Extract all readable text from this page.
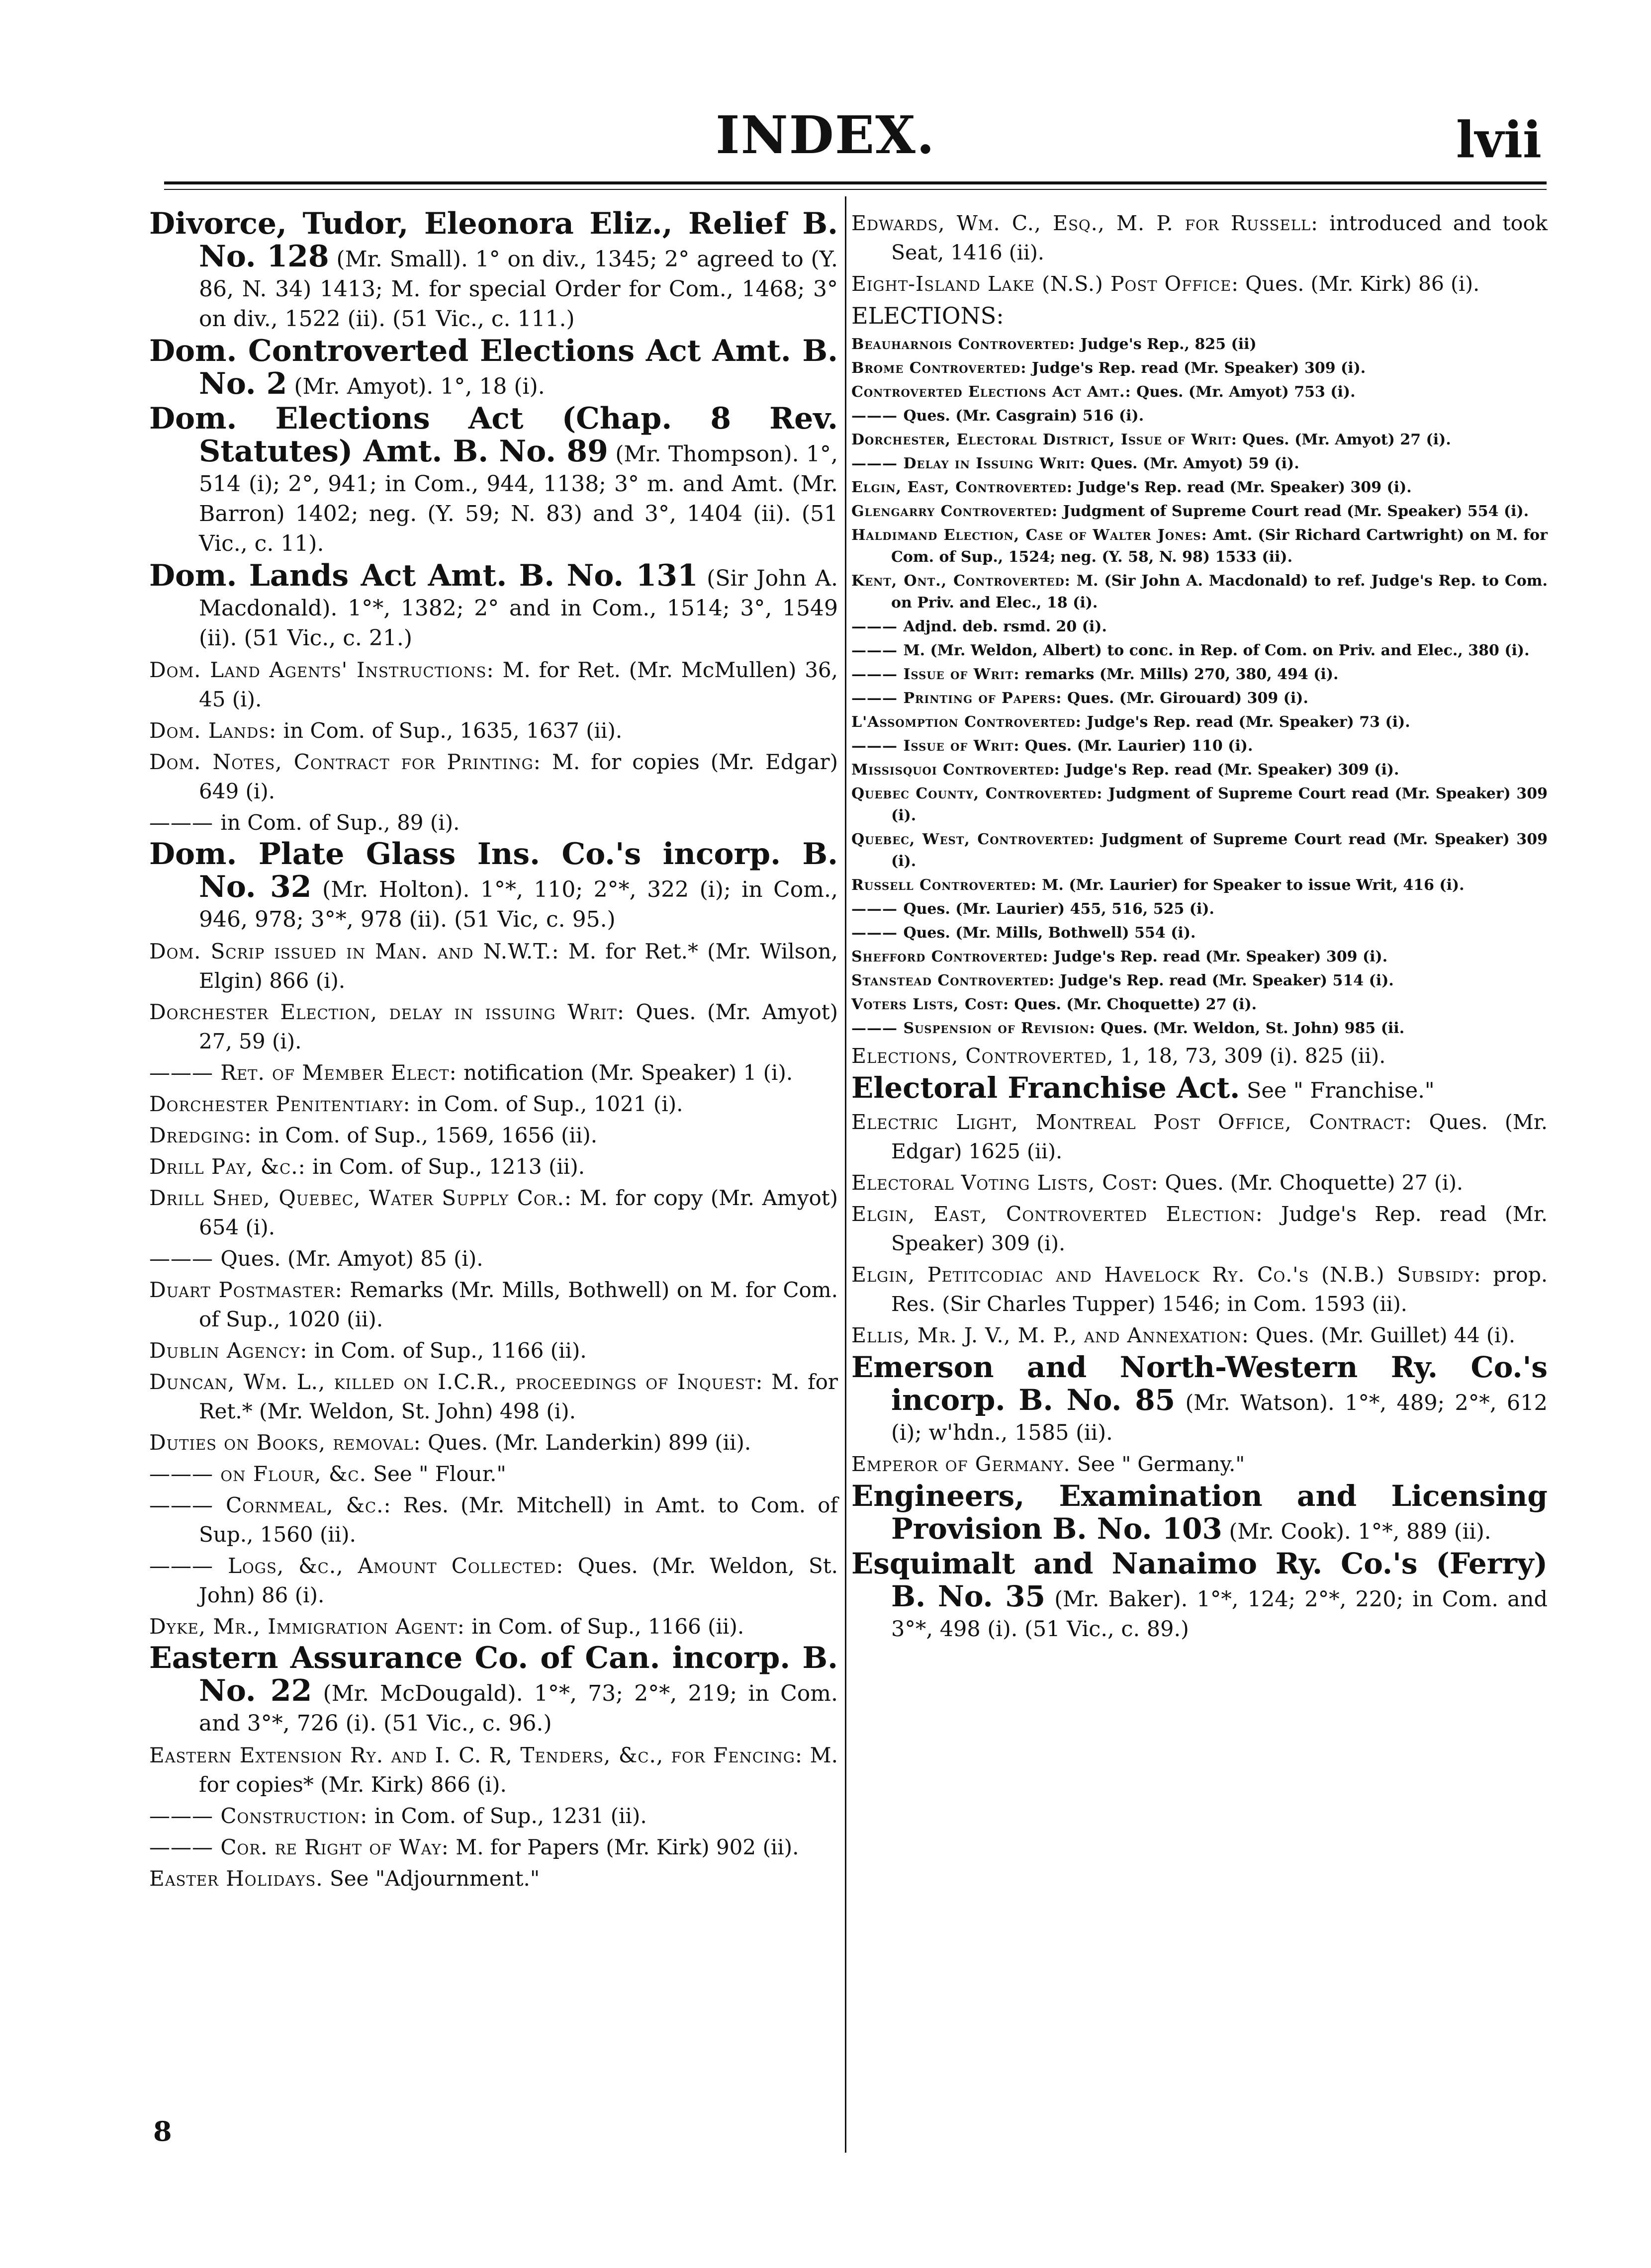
INDEX.	lvii

Divorce, Tudor, Eleonora Eliz., Relief B. No. 128 (Mr. Small). 1° on div., 1345; 2° agreed to (Y. 86, N. 34) 1413; M. for special Order for Com., 1468; 3° on div., 1522 (ii). (51 Vic., c. 111.)

Dom. Controverted Elections Act Amt. B. No. 2 (Mr. Amyot). 1°, 18 (i).

Dom. Elections Act (Chap. 8 Rev. Statutes) Amt. B. No. 89 (Mr. Thompson). 1°, 514 (i); 2°, 941; in Com., 944, 1138; 3° m. and Amt. (Mr. Barron) 1402; neg. (Y. 59; N. 83) and 3°, 1404 (ii). (51 Vic., c. 11).

Dom. Lands Act Amt. B. No. 131 (Sir John A. Macdonald). 1°*, 1382; 2° and in Com., 1514; 3°, 1549 (ii). (51 Vic., c. 21.)

Dom. Land Agents' Instructions: M. for Ret. (Mr. McMullen) 36, 45 (i).

Dom. Lands: in Com. of Sup., 1635, 1637 (ii).

Dom. Notes, Contract for Printing: M. for copies (Mr. Edgar) 649 (i).

——— in Com. of Sup., 89 (i).

Dom. Plate Glass Ins. Co.'s incorp. B. No. 32 (Mr. Holton). 1°*, 110; 2°*, 322 (i); in Com., 946, 978; 3°*, 978 (ii). (51 Vic, c. 95.)

Dom. Scrip issued in Man. and N.W.T.: M. for Ret.* (Mr. Wilson, Elgin) 866 (i).

Dorchester Election, delay in issuing Writ: Ques. (Mr. Amyot) 27, 59 (i).

——— Ret. of Member Elect: notification (Mr. Speaker) 1 (i).

Dorchester Penitentiary: in Com. of Sup., 1021 (i).

Dredging: in Com. of Sup., 1569, 1656 (ii).

Drill Pay, &c.: in Com. of Sup., 1213 (ii).

Drill Shed, Quebec, Water Supply Cor.: M. for copy (Mr. Amyot) 654 (i).

——— Ques. (Mr. Amyot) 85 (i).

Duart Postmaster: Remarks (Mr. Mills, Bothwell) on M. for Com. of Sup., 1020 (ii).

Dublin Agency: in Com. of Sup., 1166 (ii).

Duncan, Wm. L., killed on I.C.R., proceedings of Inquest: M. for Ret.* (Mr. Weldon, St. John) 498 (i).

Duties on Books, removal: Ques. (Mr. Landerkin) 899 (ii).

——— on Flour, &c. See " Flour."

——— Cornmeal, &c.: Res. (Mr. Mitchell) in Amt. to Com. of Sup., 1560 (ii).

——— Logs, &c., Amount Collected: Ques. (Mr. Weldon, St. John) 86 (i).

Dyke, Mr., Immigration Agent: in Com. of Sup., 1166 (ii).

Eastern Assurance Co. of Can. incorp. B. No. 22 (Mr. McDougald). 1°*, 73; 2°*, 219; in Com. and 3°*, 726 (i). (51 Vic., c. 96.)

Eastern Extension Ry. and I. C. R, Tenders, &c., for Fencing: M. for copies* (Mr. Kirk) 866 (i).

——— Construction: in Com. of Sup., 1231 (ii).

——— Cor. re Right of Way: M. for Papers (Mr. Kirk) 902 (ii).

Easter Holidays. See "Adjournment."

Edwards, Wm. C., Esq., M. P. for Russell: introduced and took Seat, 1416 (ii).

Eight-Island Lake (N.S.) Post Office: Ques. (Mr. Kirk) 86 (i).

ELECTIONS:

Beauharnois Controverted: Judge's Rep., 825 (ii)

Brome Controverted: Judge's Rep. read (Mr. Speaker) 309 (i).

Controverted Elections Act Amt.: Ques. (Mr. Amyot) 753 (i).

——— Ques. (Mr. Casgrain) 516 (i).

Dorchester, Electoral District, Issue of Writ: Ques. (Mr. Amyot) 27 (i).

——— Delay in Issuing Writ: Ques. (Mr. Amyot) 59 (i).

Elgin, East, Controverted: Judge's Rep. read (Mr. Speaker) 309 (i).

Glengarry Controverted: Judgment of Supreme Court read (Mr. Speaker) 554 (i).

Haldimand Election, Case of Walter Jones: Amt. (Sir Richard Cartwright) on M. for Com. of Sup., 1524; neg. (Y. 58, N. 98) 1533 (ii).

Kent, Ont., Controverted: M. (Sir John A. Macdonald) to ref. Judge's Rep. to Com. on Priv. and Elec., 18 (i).

——— Adjnd. deb. rsmd. 20 (i).

——— M. (Mr. Weldon, Albert) to conc. in Rep. of Com. on Priv. and Elec., 380 (i).

——— Issue of Writ: remarks (Mr. Mills) 270, 380, 494 (i).

——— Printing of Papers: Ques. (Mr. Girouard) 309 (i).

L'Assomption Controverted: Judge's Rep. read (Mr. Speaker) 73 (i).

——— Issue of Writ: Ques. (Mr. Laurier) 110 (i).

Missisquoi Controverted: Judge's Rep. read (Mr. Speaker) 309 (i).

Quebec County, Controverted: Judgment of Supreme Court read (Mr. Speaker) 309 (i).

Quebec, West, Controverted: Judgment of Supreme Court read (Mr. Speaker) 309 (i).

Russell Controverted: M. (Mr. Laurier) for Speaker to issue Writ, 416 (i).

——— Ques. (Mr. Laurier) 455, 516, 525 (i).

——— Ques. (Mr. Mills, Bothwell) 554 (i).

Shefford Controverted: Judge's Rep. read (Mr. Speaker) 309 (i).

Stanstead Controverted: Judge's Rep. read (Mr. Speaker) 514 (i).

Voters Lists, Cost: Ques. (Mr. Choquette) 27 (i).

——— Suspension of Revision: Ques. (Mr. Weldon, St. John) 985 (ii.

Elections, Controverted, 1, 18, 73, 309 (i). 825 (ii).

Electoral Franchise Act. See " Franchise."

Electric Light, Montreal Post Office, Contract: Ques. (Mr. Edgar) 1625 (ii).

Electoral Voting Lists, Cost: Ques. (Mr. Choquette) 27 (i).

Elgin, East, Controverted Election: Judge's Rep. read (Mr. Speaker) 309 (i).

Elgin, Petitcodiac and Havelock Ry. Co.'s (N.B.) Subsidy: prop. Res. (Sir Charles Tupper) 1546; in Com. 1593 (ii).

Ellis, Mr. J. V., M. P., and Annexation: Ques. (Mr. Guillet) 44 (i).

Emerson and North-Western Ry. Co.'s incorp. B. No. 85 (Mr. Watson). 1°*, 489; 2°*, 612 (i); w'hdn., 1585 (ii).

Emperor of Germany. See " Germany."

Engineers, Examination and Licensing Provision B. No. 103 (Mr. Cook). 1°*, 889 (ii).

Esquimalt and Nanaimo Ry. Co.'s (Ferry) B. No. 35 (Mr. Baker). 1°*, 124; 2°*, 220; in Com. and 3°*, 498 (i). (51 Vic., c. 89.)

8
